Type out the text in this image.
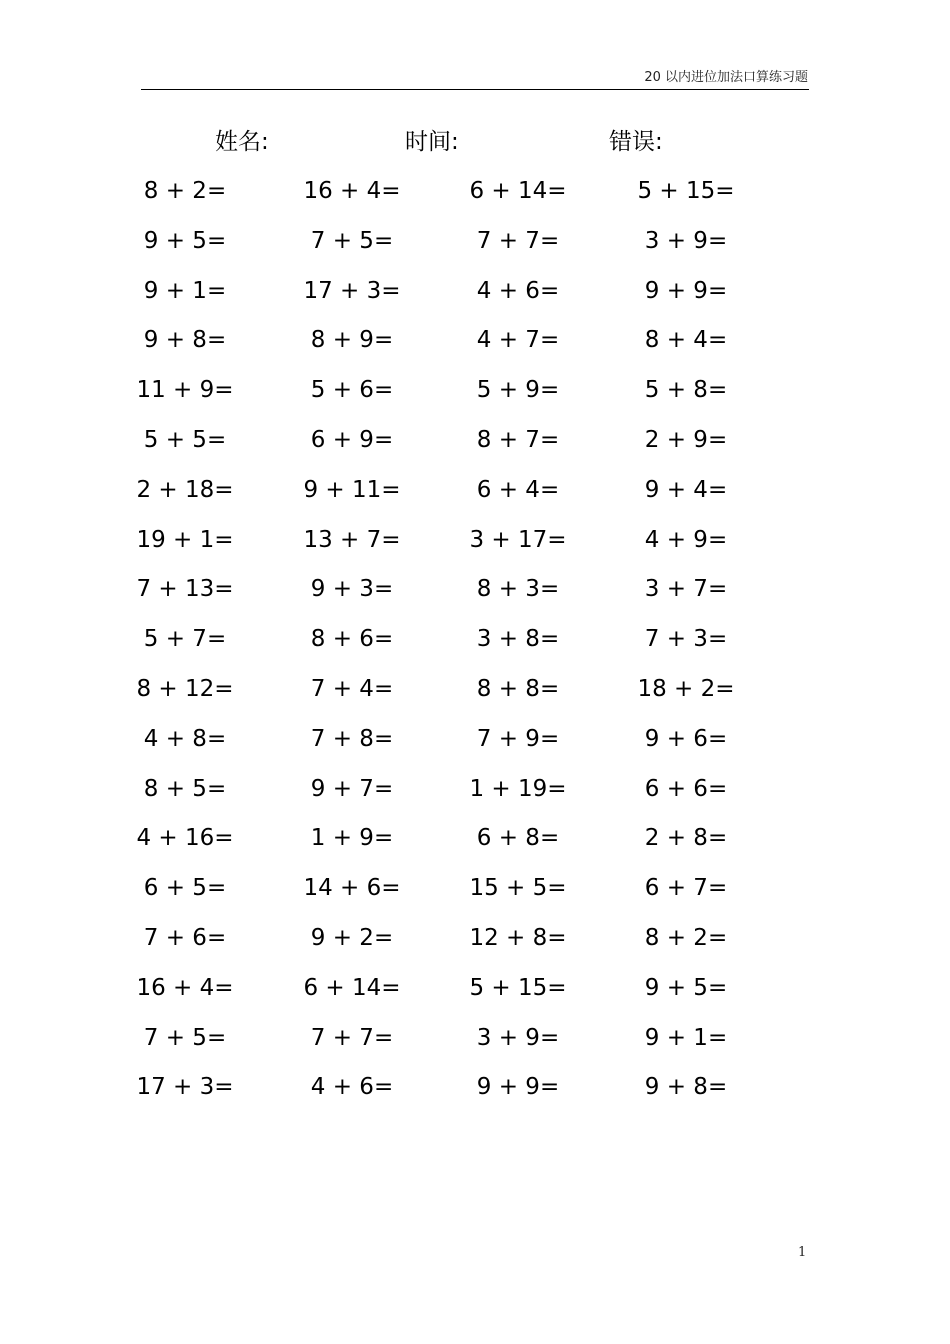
20 以内进位加法口算练习题
姓名:	时间:	错误:
8 + 2=	16 + 4=	6 + 14=	5 + 15=
9 + 5=	7 + 5=	7 + 7=	3 + 9=
9 + 1=	17 + 3=	4 + 6=	9 + 9=
9 + 8=	8 + 9=	4 + 7=	8 + 4=
11 + 9=	5 + 6=	5 + 9=	5 + 8=
5 + 5=	6 + 9=	8 + 7=	2 + 9=
2 + 18=	9 + 11=	6 + 4=	9 + 4=
19 + 1=	13 + 7=	3 + 17=	4 + 9=
7 + 13=	9 + 3=	8 + 3=	3 + 7=
5 + 7=	8 + 6=	3 + 8=	7 + 3=
8 + 12=	7 + 4=	8 + 8=	18 + 2=
4 + 8=	7 + 8=	7 + 9=	9 + 6=
8 + 5=	9 + 7=	1 + 19=	6 + 6=
4 + 16=	1 + 9=	6 + 8=	2 + 8=
6 + 5=	14 + 6=	15 + 5=	6 + 7=
7 + 6=	9 + 2=	12 + 8=	8 + 2=
16 + 4=	6 + 14=	5 + 15=	9 + 5=
7 + 5=	7 + 7=	3 + 9=	9 + 1=
17 + 3=	4 + 6=	9 + 9=	9 + 8=
1
